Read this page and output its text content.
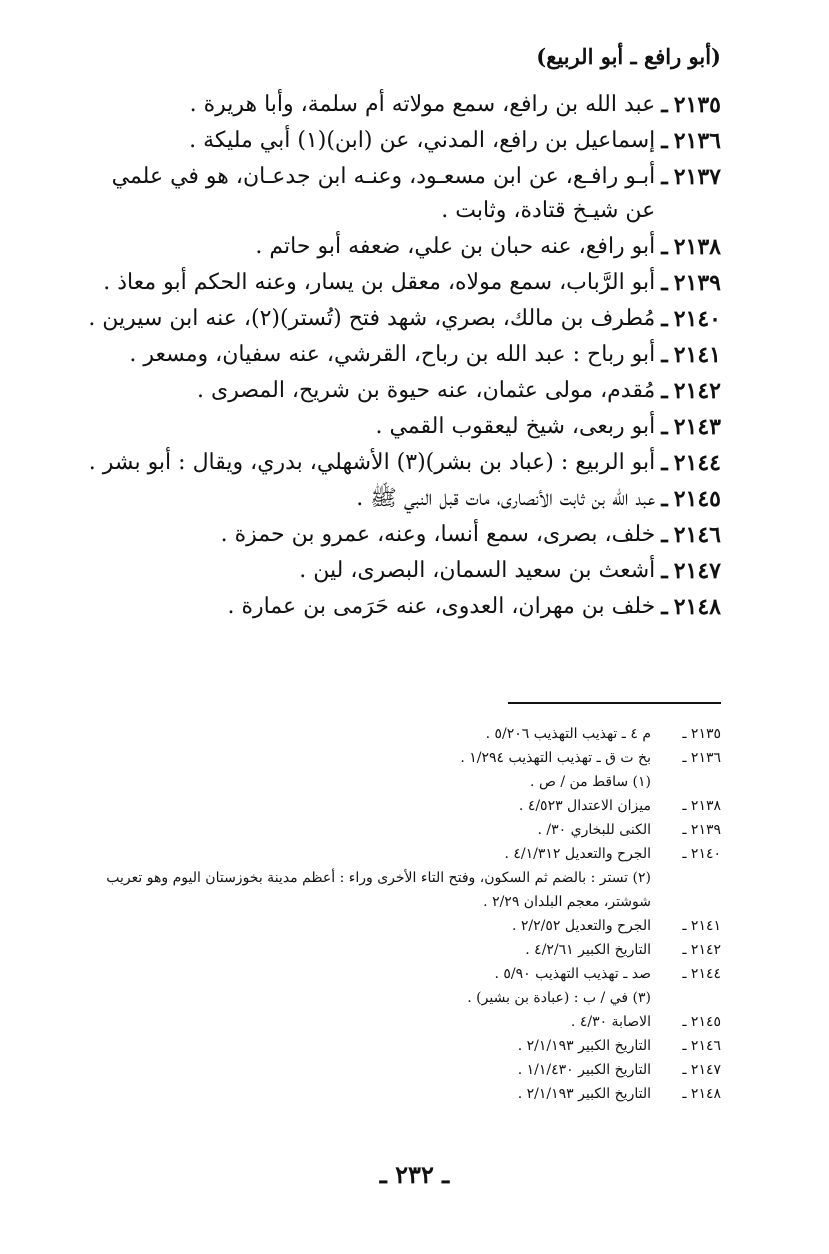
(أبو رافع ـ أبو الربيع)
٢١٣٥
ـ
عبد الله بن رافع، سمع مولاته أم سلمة، وأبا هريرة .
٢١٣٦
ـ
إسماعيل بن رافع، المدني، عن (ابن)(١) أبي مليكة .
٢١٣٧
ـ
أبـو رافـع، عن ابن مسعـود، وعنـه ابن جدعـان، هو في علمي عن شيـخ قتادة، وثابت .
٢١٣٨
ـ
أبو رافع، عنه حبان بن علي، ضعفه أبو حاتم .
٢١٣٩
ـ
أبو الرَّباب، سمع مولاه، معقل بن يسار، وعنه الحكم أبو معاذ .
٢١٤٠
ـ
مُطرف بن مالك، بصري، شهد فتح (تُستر)(٢)، عنه ابن سيرين .
٢١٤١
ـ
أبو رباح : عبد الله بن رباح، القرشي، عنه سفيان، ومسعر .
٢١٤٢
ـ
مُقدم، مولى عثمان، عنه حيوة بن شريح، المصرى .
٢١٤٣
ـ
أبو ربعى، شيخ ليعقوب القمي .
٢١٤٤
ـ
أبو الربيع : (عباد بن بشر)(٣) الأشهلي، بدري، ويقال : أبو بشر .
٢١٤٥
ـ
عبد الله بن ثابت الأنصارى، مات قبل النبي ﷺ .
٢١٤٦
ـ
خلف، بصرى، سمع أنسا، وعنه، عمرو بن حمزة .
٢١٤٧
ـ
أشعث بن سعيد السمان، البصرى، لين .
٢١٤٨
ـ
خلف بن مهران، العدوى، عنه حَرَمى بن عمارة .
٢١٣٥ ـ
م ٤ ـ تهذيب التهذيب ٥/٢٠٦ .
٢١٣٦ ـ
بخ ت ق ـ تهذيب التهذيب ١/٢٩٤ .
(١) ساقط من / ص .
٢١٣٨ ـ
ميزان الاعتدال ٤/٥٢٣ .
٢١٣٩ ـ
الكنى للبخاري ٣٠/ .
٢١٤٠ ـ
الجرح والتعديل ٤/١/٣١٢ .
(٢) تستر : بالضم ثم السكون، وفتح التاء الأخرى وراء : أعظم مدينة بخوزستان اليوم وهو تعريب شوشتر، معجم البلدان ٢/٢٩ .
٢١٤١ ـ
الجرح والتعديل ٢/٢/٥٢ .
٢١٤٢ ـ
التاريخ الكبير ٤/٢/٦١ .
٢١٤٤ ـ
صد ـ تهذيب التهذيب ٥/٩٠ .
(٣) في / ب : (عبادة بن بشير) .
٢١٤٥ ـ
الاصابة ٤/٣٠ .
٢١٤٦ ـ
التاريخ الكبير ٢/١/١٩٣ .
٢١٤٧ ـ
التاريخ الكبير ١/١/٤٣٠ .
٢١٤٨ ـ
التاريخ الكبير ٢/١/١٩٣ .
ـ ٢٣٢ ـ
